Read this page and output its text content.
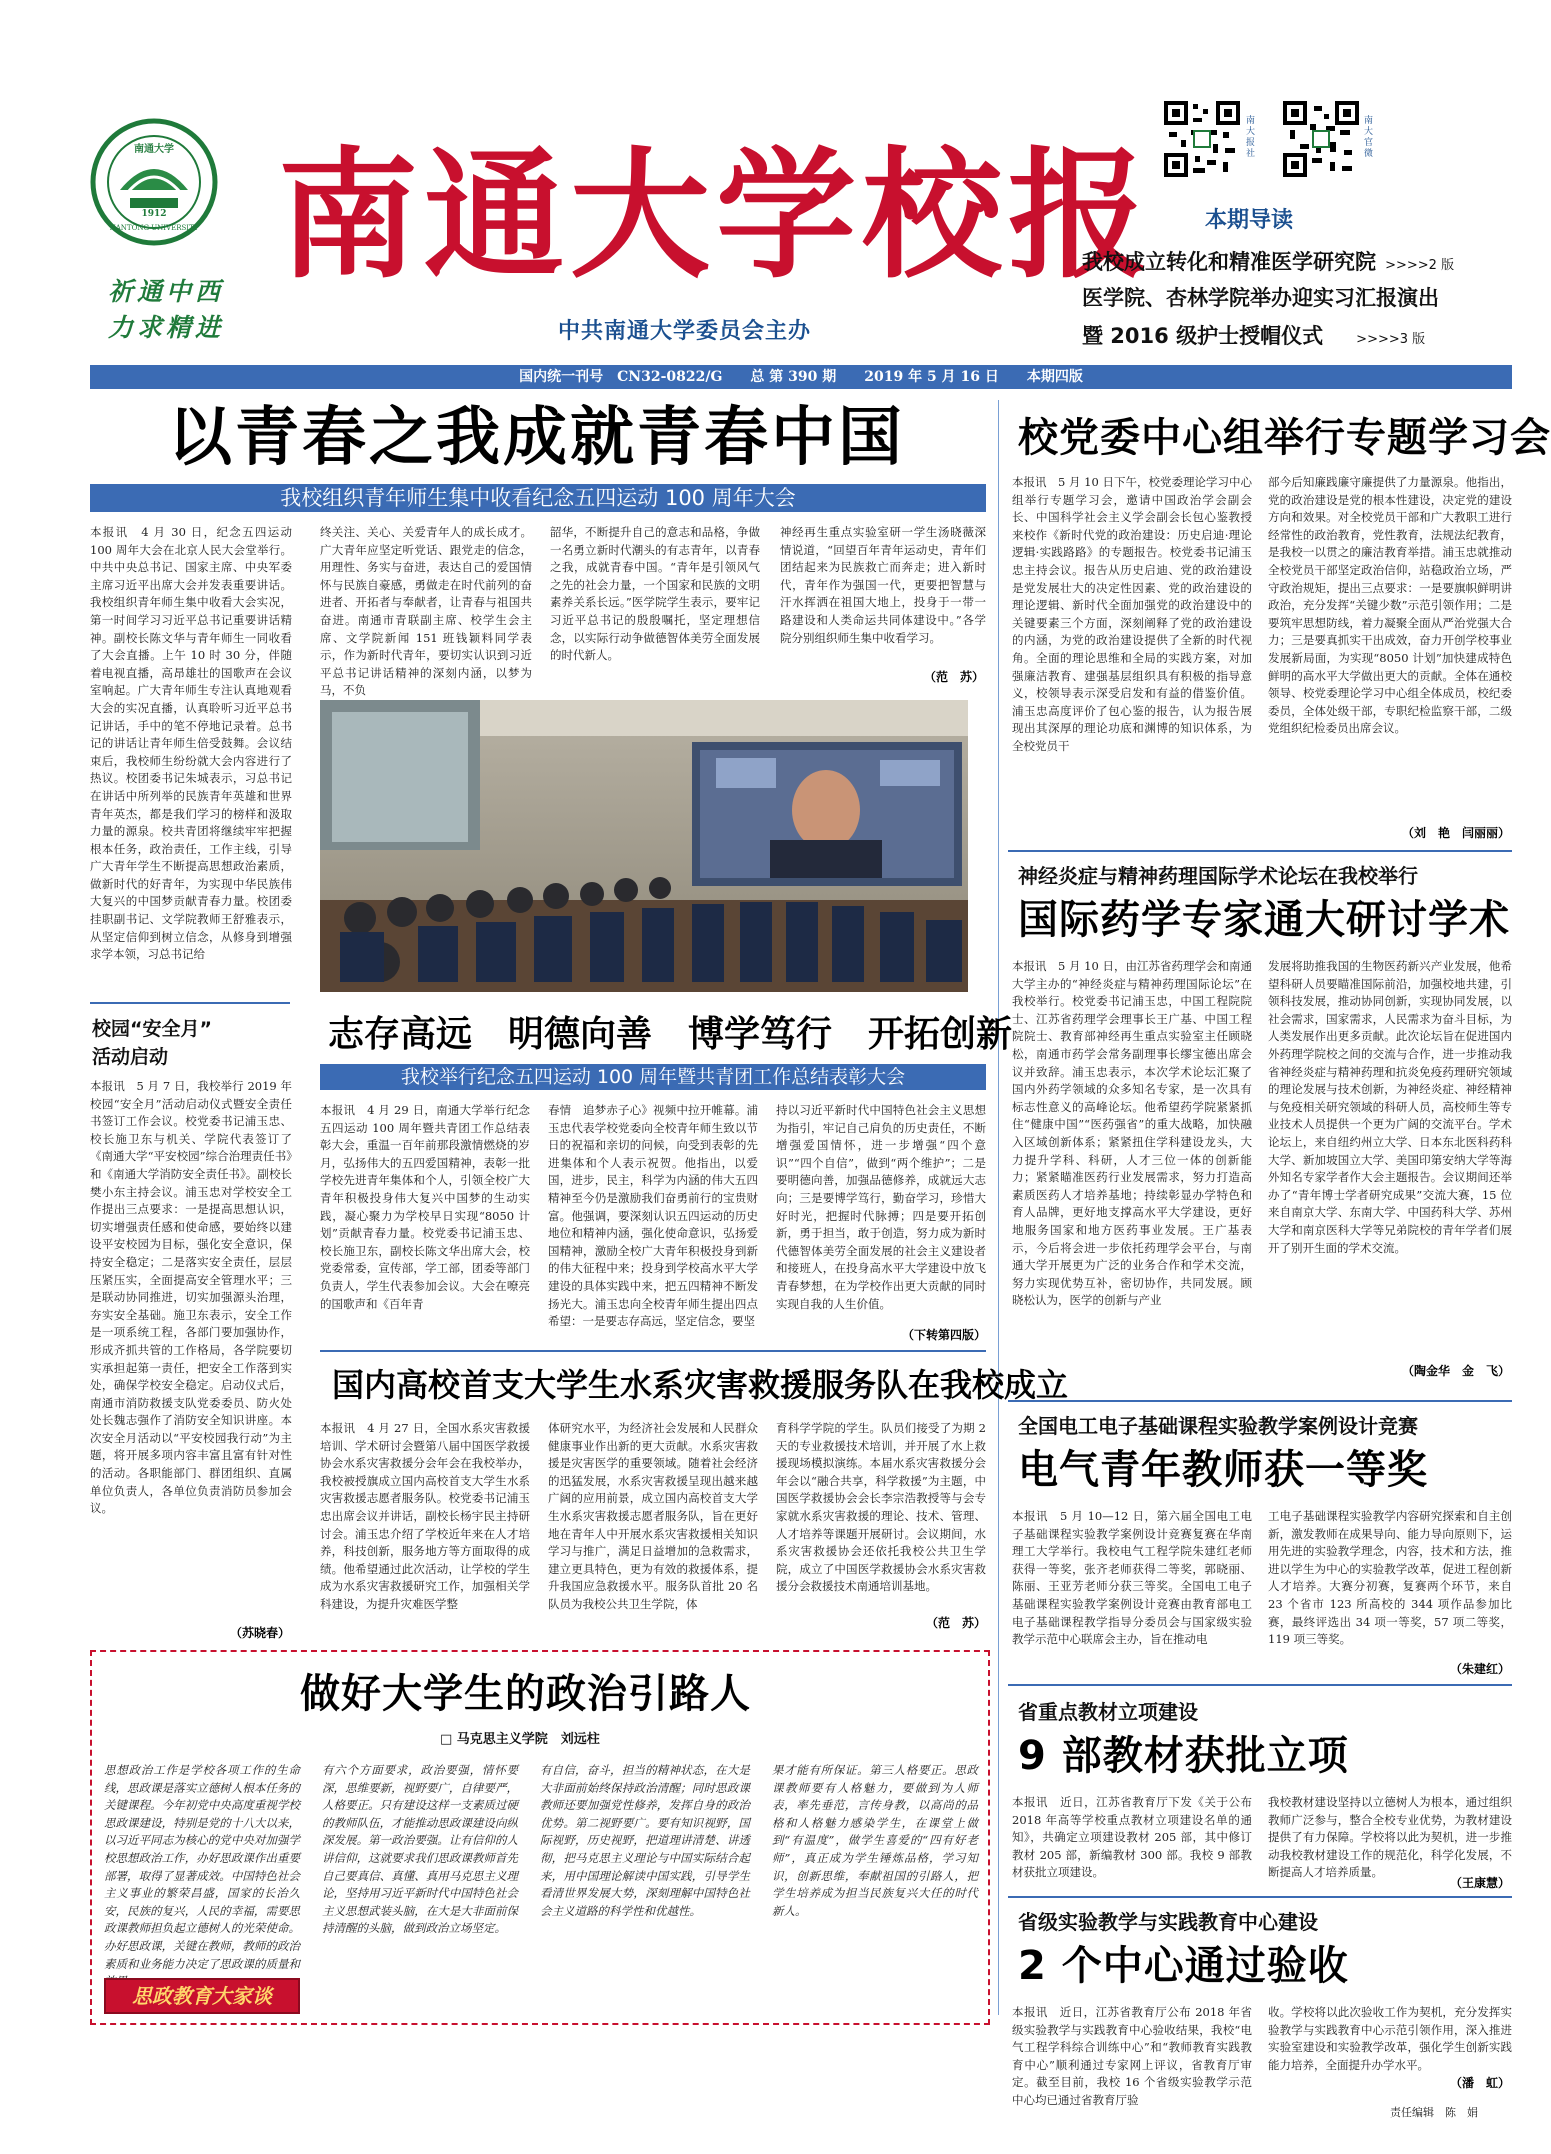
南通大学
1912
NANTONG UNIVERSITY
祈通中西
力求精进
南通大学校报
中共南通大学委员会主办
南大报社
南大官微
本期导读
我校成立转化和精准医学研究院 >>>>2 版
医学院、杏林学院举办迎实习汇报演出
暨 2016 级护士授帽仪式	>>>>3 版
国内统一刊号　CN32-0822/G　　总 第 390 期　　2019 年 5 月 16 日　　本期四版
以青春之我成就青春中国
我校组织青年师生集中收看纪念五四运动 100 周年大会
本报讯　4 月 30 日，纪念五四运动 100 周年大会在北京人民大会堂举行。中共中央总书记、国家主席、中央军委主席习近平出席大会并发表重要讲话。我校组织青年师生集中收看大会实况，第一时间学习习近平总书记重要讲话精神。副校长陈文华与青年师生一同收看了大会直播。上午 10 时 30 分，伴随着电视直播，高昂雄壮的国歌声在会议室响起。广大青年师生专注认真地观看大会的实况直播，认真聆听习近平总书记讲话，手中的笔不停地记录着。总书记的讲话让青年师生倍受鼓舞。会议结束后，我校师生纷纷就大会内容进行了热议。校团委书记朱城表示，习总书记在讲话中所列举的民族青年英雄和世界青年英杰，都是我们学习的榜样和汲取力量的源泉。校共青团将继续牢牢把握根本任务，政治责任，工作主线，引导广大青年学生不断提高思想政治素质，做新时代的好青年，为实现中华民族伟大复兴的中国梦贡献青春力量。校团委挂职副书记、文学院教师王舒雅表示，从坚定信仰到树立信念，从修身到增强求学本领，习总书记给
终关注、关心、关爱青年人的成长成才。广大青年应坚定听党话、跟党走的信念，用理性、务实与奋进，表达自己的爱国情怀与民族自豪感，勇做走在时代前列的奋进者、开拓者与奉献者，让青春与祖国共奋进。南通市青联副主席、校学生会主席、文学院新闻 151 班钱颖料同学表示，作为新时代青年，要切实认识到习近平总书记讲话精神的深刻内涵，以梦为马，不负
韶华，不断提升自己的意志和品格，争做一名勇立新时代潮头的有志青年，以青春之我，成就青春中国。“青年是引领风气之先的社会力量，一个国家和民族的文明素养关系长远。”医学院学生表示，要牢记习近平总书记的殷殷嘱托，坚定理想信念，以实际行动争做德智体美劳全面发展的时代新人。
神经再生重点实验室研一学生汤晓薇深情说道，“回望百年青年运动史，青年们团结起来为民族救亡而奔走；进入新时代，青年作为强国一代，更要把智慧与汗水挥洒在祖国大地上，投身于一带一路建设和人类命运共同体建设中。”各学院分别组织师生集中收看学习。
（范　苏）
校党委中心组举行专题学习会
本报讯　5 月 10 日下午，校党委理论学习中心组举行专题学习会，邀请中国政治学会副会长、中国科学社会主义学会副会长包心鉴教授来校作《新时代党的政治建设：历史启迪·理论逻辑·实践路路》的专题报告。校党委书记浦玉忠主持会议。报告从历史启迪、党的政治建设是党发展壮大的决定性因素、党的政治建设的理论逻辑、新时代全面加强党的政治建设中的关键要素三个方面，深刻阐释了党的政治建设的内涵，为党的政治建设提供了全新的时代视角。全面的理论思维和全局的实践方案，对加强廉洁教育、建强基层组织具有积极的指导意义，校领导表示深受启发和有益的借鉴价值。浦玉忠高度评价了包心鉴的报告，认为报告展现出其深厚的理论功底和渊博的知识体系，为全校党员干
部今后知廉践廉守廉提供了力量源泉。他指出，党的政治建设是党的根本性建设，决定党的建设方向和效果。对全校党员干部和广大教职工进行经常性的政治教育，党性教育，法规法纪教育，是我校一以贯之的廉洁教育举措。浦玉忠就推动全校党员干部坚定政治信仰，站稳政治立场，严守政治规矩，提出三点要求：一是要旗帜鲜明讲政治，充分发挥“关键少数”示范引领作用；二是要筑牢思想防线，着力凝聚全面从严治党强大合力；三是要真抓实干出成效，奋力开创学校事业发展新局面，为实现“8050 计划”加快建成特色鲜明的高水平大学做出更大的贡献。全体在通校领导、校党委理论学习中心组全体成员，校纪委委员，全体处级干部，专职纪检监察干部，二级党组织纪检委员出席会议。
（刘　艳　闫丽丽）
神经炎症与精神药理国际学术论坛在我校举行
国际药学专家通大研讨学术
本报讯　5 月 10 日，由江苏省药理学会和南通大学主办的“神经炎症与精神药理国际论坛”在我校举行。校党委书记浦玉忠，中国工程院院士、江苏省药理学会理事长王广基、中国工程院院士、教育部神经再生重点实验室主任顾晓松，南通市药学会常务副理事长缪宝德出席会议并致辞。浦玉忠表示，本次学术论坛汇聚了国内外药学领域的众多知名专家，是一次具有标志性意义的高峰论坛。他希望药学院紧紧抓住“健康中国”“医药强省”的重大战略，加快融入区域创新体系；紧紧扭住学科建设龙头，大力提升学科、科研，人才三位一体的创新能力；紧紧瞄准医药行业发展需求，努力打造高素质医药人才培养基地；持续彰显办学特色和育人品牌，更好地支撑高水平大学建设，更好地服务国家和地方医药事业发展。王广基表示，今后将会进一步依托药理学会平台，与南通大学开展更为广泛的业务合作和学术交流，努力实现优势互补，密切协作，共同发展。顾晓松认为，医学的创新与产业
发展将助推我国的生物医药新兴产业发展，他希望科研人员要瞄准国际前沿，加强校地共建，引领科技发展，推动协同创新，实现协同发展，以社会需求，国家需求，人民需求为奋斗目标，为人类发展作出更多贡献。此次论坛旨在促进国内外药理学院校之间的交流与合作，进一步推动我省神经炎症与精神药理和抗炎免疫药理研究领域的理论发展与技术创新，为神经炎症、神经精神与免疫相关研究领域的科研人员，高校师生等专业技术人员提供一个更为广阔的交流平台。学术论坛上，来自纽约州立大学、日本东北医科药科大学、新加坡国立大学、美国印第安纳大学等海外知名专家学者作大会主题报告。会议期间还举办了“青年博士学者研究成果”交流大赛，15 位来自南京大学、东南大学、中国药科大学、苏州大学和南京医科大学等兄弟院校的青年学者们展开了别开生面的学术交流。
（陶金华　金　飞）
校园“安全月”
活动启动
本报讯　5 月 7 日，我校举行 2019 年校园“安全月”活动启动仪式暨安全责任书签订工作会议。校党委书记浦玉忠、校长施卫东与机关、学院代表签订了《南通大学“平安校园”综合治理责任书》和《南通大学消防安全责任书》。副校长樊小东主持会议。浦玉忠对学校安全工作提出三点要求：一是提高思想认识，切实增强责任感和使命感，要始终以建设平安校园为目标，强化安全意识，保持安全稳定；二是落实安全责任，层层压紧压实，全面提高安全管理水平；三是联动协同推进，切实加强源头治理，夯实安全基础。施卫东表示，安全工作是一项系统工程，各部门要加强协作，形成齐抓共管的工作格局，各学院要切实承担起第一责任，把安全工作落到实处，确保学校安全稳定。启动仪式后，南通市消防救援支队党委委员、防火处处长魏志强作了消防安全知识讲座。本次安全月活动以“平安校园我行动”为主题，将开展多项内容丰富且富有针对性的活动。各职能部门、群团组织、直属单位负责人，各单位负责消防员参加会议。
（苏晓春）
志存高远　明德向善　博学笃行　开拓创新
我校举行纪念五四运动 100 周年暨共青团工作总结表彰大会
本报讯　4 月 29 日，南通大学举行纪念五四运动 100 周年暨共青团工作总结表彰大会，重温一百年前那段激情燃烧的岁月，弘扬伟大的五四爱国精神，表彰一批学校先进青年集体和个人，引领全校广大青年积极投身伟大复兴中国梦的生动实践，凝心聚力为学校早日实现“8050 计划”贡献青春力量。校党委书记浦玉忠、校长施卫东，副校长陈文华出席大会，校党委常委，宣传部，学工部，团委等部门负责人，学生代表参加会议。大会在嘹亮的国歌声和《百年青
春情　追梦赤子心》视频中拉开帷幕。浦玉忠代表学校党委向全校青年师生致以节日的祝福和亲切的问候，向受到表彰的先进集体和个人表示祝贺。他指出，以爱国，进步，民主，科学为内涵的伟大五四精神至今仍是激励我们奋勇前行的宝贵财富。他强调，要深刻认识五四运动的历史地位和精神内涵，强化使命意识，弘扬爱国精神，激励全校广大青年积极投身到新的伟大征程中来；投身到学校高水平大学建设的具体实践中来，把五四精神不断发扬光大。浦玉忠向全校青年师生提出四点希望：一是要志存高远，坚定信念，要坚
持以习近平新时代中国特色社会主义思想为指引，牢记自己肩负的历史责任，不断增强爱国情怀，进一步增强“四个意识”“四个自信”，做到“两个维护”；二是要明德向善，加强品德修养，成就远大志向；三是要博学笃行，勤奋学习，珍惜大好时光，把握时代脉搏；四是要开拓创新，勇于担当，敢于创造，努力成为新时代德智体美劳全面发展的社会主义建设者和接班人，在投身高水平大学建设中放飞青春梦想，在为学校作出更大贡献的同时实现自我的人生价值。
（下转第四版）
国内高校首支大学生水系灾害救援服务队在我校成立
本报讯　4 月 27 日，全国水系灾害救援培训、学术研讨会暨第八届中国医学救援协会水系灾害救援分会年会在我校举办，我校被授旗成立国内高校首支大学生水系灾害救援志愿者服务队。校党委书记浦玉忠出席会议并讲话，副校长杨宇民主持研讨会。浦玉忠介绍了学校近年来在人才培养，科技创新，服务地方等方面取得的成绩。他希望通过此次活动，让学校的学生成为水系灾害救援研究工作，加强相关学科建设，为提升灾难医学整
体研究水平，为经济社会发展和人民群众健康事业作出新的更大贡献。水系灾害救援是灾害医学的重要领域。随着社会经济的迅猛发展，水系灾害救援呈现出越来越广阔的应用前景，成立国内高校首支大学生水系灾害救援志愿者服务队，旨在更好地在青年人中开展水系灾害救援相关知识学习与推广，满足日益增加的急救需求，建立更具特色，更为有效的救援体系，提升我国应急救援水平。服务队首批 20 名队员为我校公共卫生学院，体
育科学学院的学生。队员们接受了为期 2 天的专业救援技术培训，并开展了水上救援现场模拟演练。本届水系灾害救援分会年会以“融合共享，科学救援”为主题，中国医学救援协会会长李宗浩教授等与会专家就水系灾害救援的理论、技术、管理、人才培养等课题开展研讨。会议期间，水系灾害救援协会还依托我校公共卫生学院，成立了中国医学救援协会水系灾害救援分会救援技术南通培训基地。
（范　苏）
全国电工电子基础课程实验教学案例设计竞赛
电气青年教师获一等奖
本报讯　5 月 10—12 日，第六届全国电工电子基础课程实验教学案例设计竞赛复赛在华南理工大学举行。我校电气工程学院朱建红老师获得一等奖，张齐老师获得二等奖，郭晓丽、陈丽、王亚芳老师分获三等奖。全国电工电子基础课程实验教学案例设计竞赛由教育部电工电子基础课程教学指导分委员会与国家级实验教学示范中心联席会主办，旨在推动电
工电子基础课程实验教学内容研究探索和自主创新，激发教师在成果导向、能力导向原则下，运用先进的实验教学理念，内容，技术和方法，推进以学生为中心的实验教学改革，促进工程创新人才培养。大赛分初赛，复赛两个环节，来自 23 个省市 123 所高校的 344 项作品参加比赛，最终评选出 34 项一等奖，57 项二等奖，119 项三等奖。
（朱建红）
做好大学生的政治引路人
□ 马克思主义学院　刘远柱
思想政治工作是学校各项工作的生命线，思政课是落实立德树人根本任务的关键课程。今年初党中央高度重视学校思政课建设，特别是党的十八大以来，以习近平同志为核心的党中央对加强学校思想政治工作，办好思政课作出重要部署，取得了显著成效。中国特色社会主义事业的繁荣昌盛，国家的长治久安，民族的复兴，人民的幸福，需要思政课教师担负起立德树人的光荣使命。办好思政课，关键在教师，教师的政治素质和业务能力决定了思政课的质量和
思政教育大家谈
有六个方面要求，政治要强，情怀要深，思维要新，视野要广，自律要严，人格要正。只有建设这样一支素质过硬的教师队伍，才能推动思政课建设向纵深发展。第一政治要强。让有信仰的人讲信仰，这就要求我们思政课教师首先自己要真信、真懂、真用马克思主义理论，坚持用习近平新时代中国特色社会主义思想武装头脑，在大是大非面前保持清醒的头脑，做到政治立场坚定。
有自信，奋斗，担当的精神状态，在大是大非面前始终保持政治清醒；同时思政课教师还要加强党性修养，发挥自身的政治优势。第二视野要广。要有知识视野，国际视野，历史视野，把道理讲清楚、讲透彻，把马克思主义理论与中国实际结合起来，用中国理论解读中国实践，引导学生看清世界发展大势，深刻理解中国特色社会主义道路的科学性和优越性。
果才能有所保证。第三人格要正。思政课教师要有人格魅力，要做到为人师表，率先垂范，言传身教，以高尚的品格和人格魅力感染学生，在课堂上做到“有温度”，做学生喜爱的“四有好老师”，真正成为学生锤炼品格，学习知识，创新思维，奉献祖国的引路人，把学生培养成为担当民族复兴大任的时代新人。
省重点教材立项建设
9 部教材获批立项
本报讯　近日，江苏省教育厅下发《关于公布 2018 年高等学校重点教材立项建设名单的通知》，共确定立项建设教材 205 部，其中修订教材 205 部，新编教材 300 部。我校 9 部教材获批立项建设。
我校教材建设坚持以立德树人为根本，通过组织教师广泛参与，整合全校专业优势，为教材建设提供了有力保障。学校将以此为契机，进一步推动我校教材建设工作的规范化，科学化发展，不断提高人才培养质量。
（王康慧）
省级实验教学与实践教育中心建设
2 个中心通过验收
本报讯　近日，江苏省教育厅公布 2018 年省级实验教学与实践教育中心验收结果，我校“电气工程学科综合训练中心”和“教师教育实践教育中心”顺利通过专家网上评议，省教育厅审定。截至目前，我校 16 个省级实验教学示范中心均已通过省教育厅验
收。学校将以此次验收工作为契机，充分发挥实验教学与实践教育中心示范引领作用，深入推进实验室建设和实验教学改革，强化学生创新实践能力培养，全面提升办学水平。
（潘　虹）
责任编辑　陈　娟
